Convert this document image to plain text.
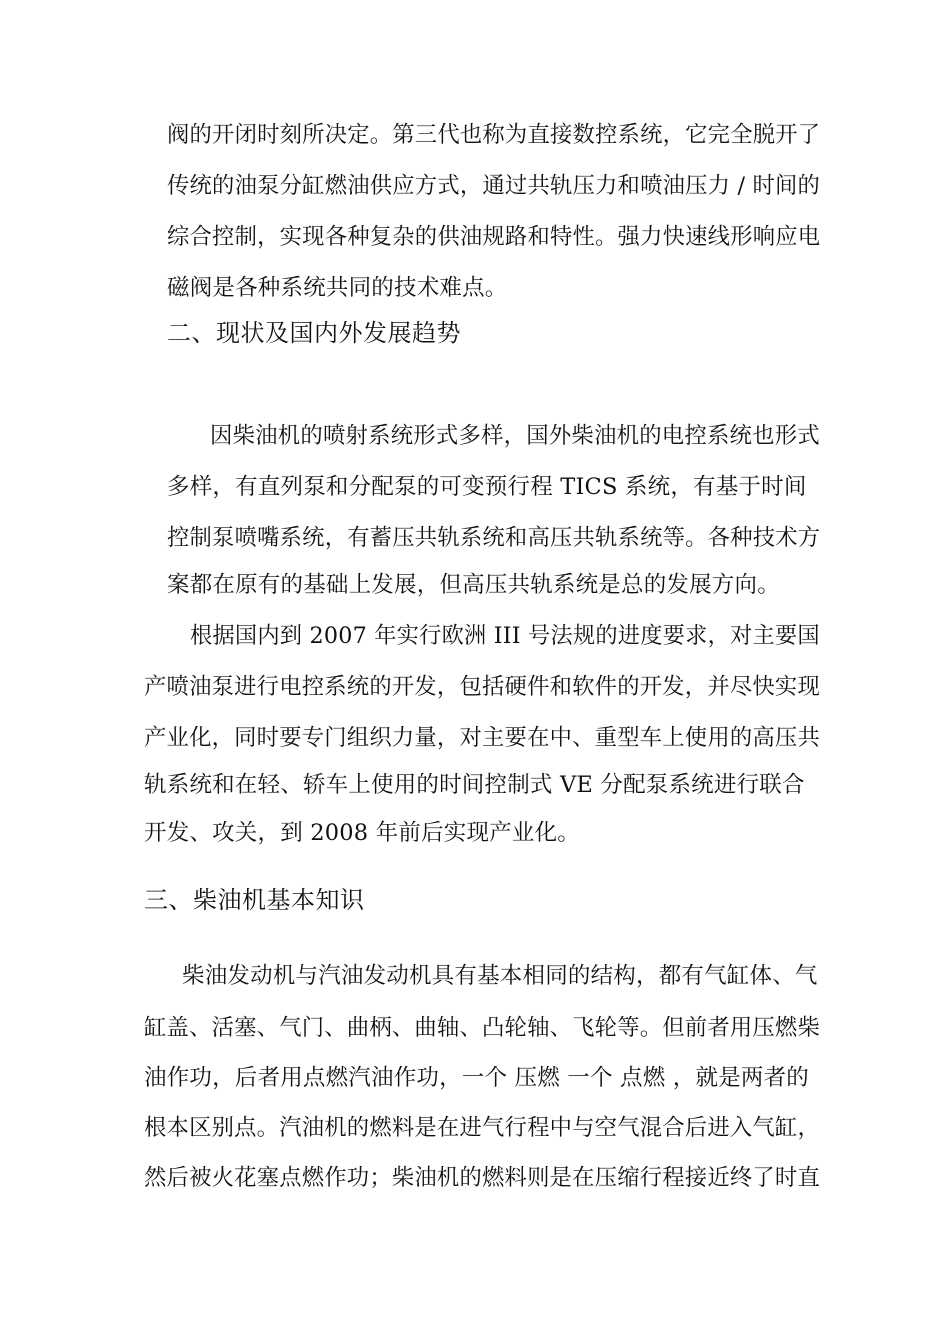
阀的开闭时刻所决定。第三代也称为直接数控系统，它完全脱开了
传统的油泵分缸燃油供应方式，通过共轨压力和喷油压力 / 时间的
综合控制，实现各种复杂的供油规路和特性。强力快速线形响应电
磁阀是各种系统共同的技术难点。
二、现状及国内外发展趋势
因柴油机的喷射系统形式多样，国外柴油机的电控系统也形式
多样，有直列泵和分配泵的可变预行程 TICS 系统，有基于时间
控制泵喷嘴系统，有蓄压共轨系统和高压共轨系统等。各种技术方
案都在原有的基础上发展，但高压共轨系统是总的发展方向。
根据国内到 2007 年实行欧洲 III 号法规的进度要求，对主要国
产喷油泵进行电控系统的开发，包括硬件和软件的开发，并尽快实现
产业化，同时要专门组织力量，对主要在中、重型车上使用的高压共
轨系统和在轻、轿车上使用的时间控制式 VE 分配泵系统进行联合
开发、攻关，到 2008 年前后实现产业化。
三、柴油机基本知识
柴油发动机与汽油发动机具有基本相同的结构，都有气缸体、气
缸盖、活塞、气门、曲柄、曲轴、凸轮轴、飞轮等。但前者用压燃柴
油作功，后者用点燃汽油作功，一个 压燃 一个 点燃 ，就是两者的
根本区别点。汽油机的燃料是在进气行程中与空气混合后进入气缸，
然后被火花塞点燃作功；柴油机的燃料则是在压缩行程接近终了时直
